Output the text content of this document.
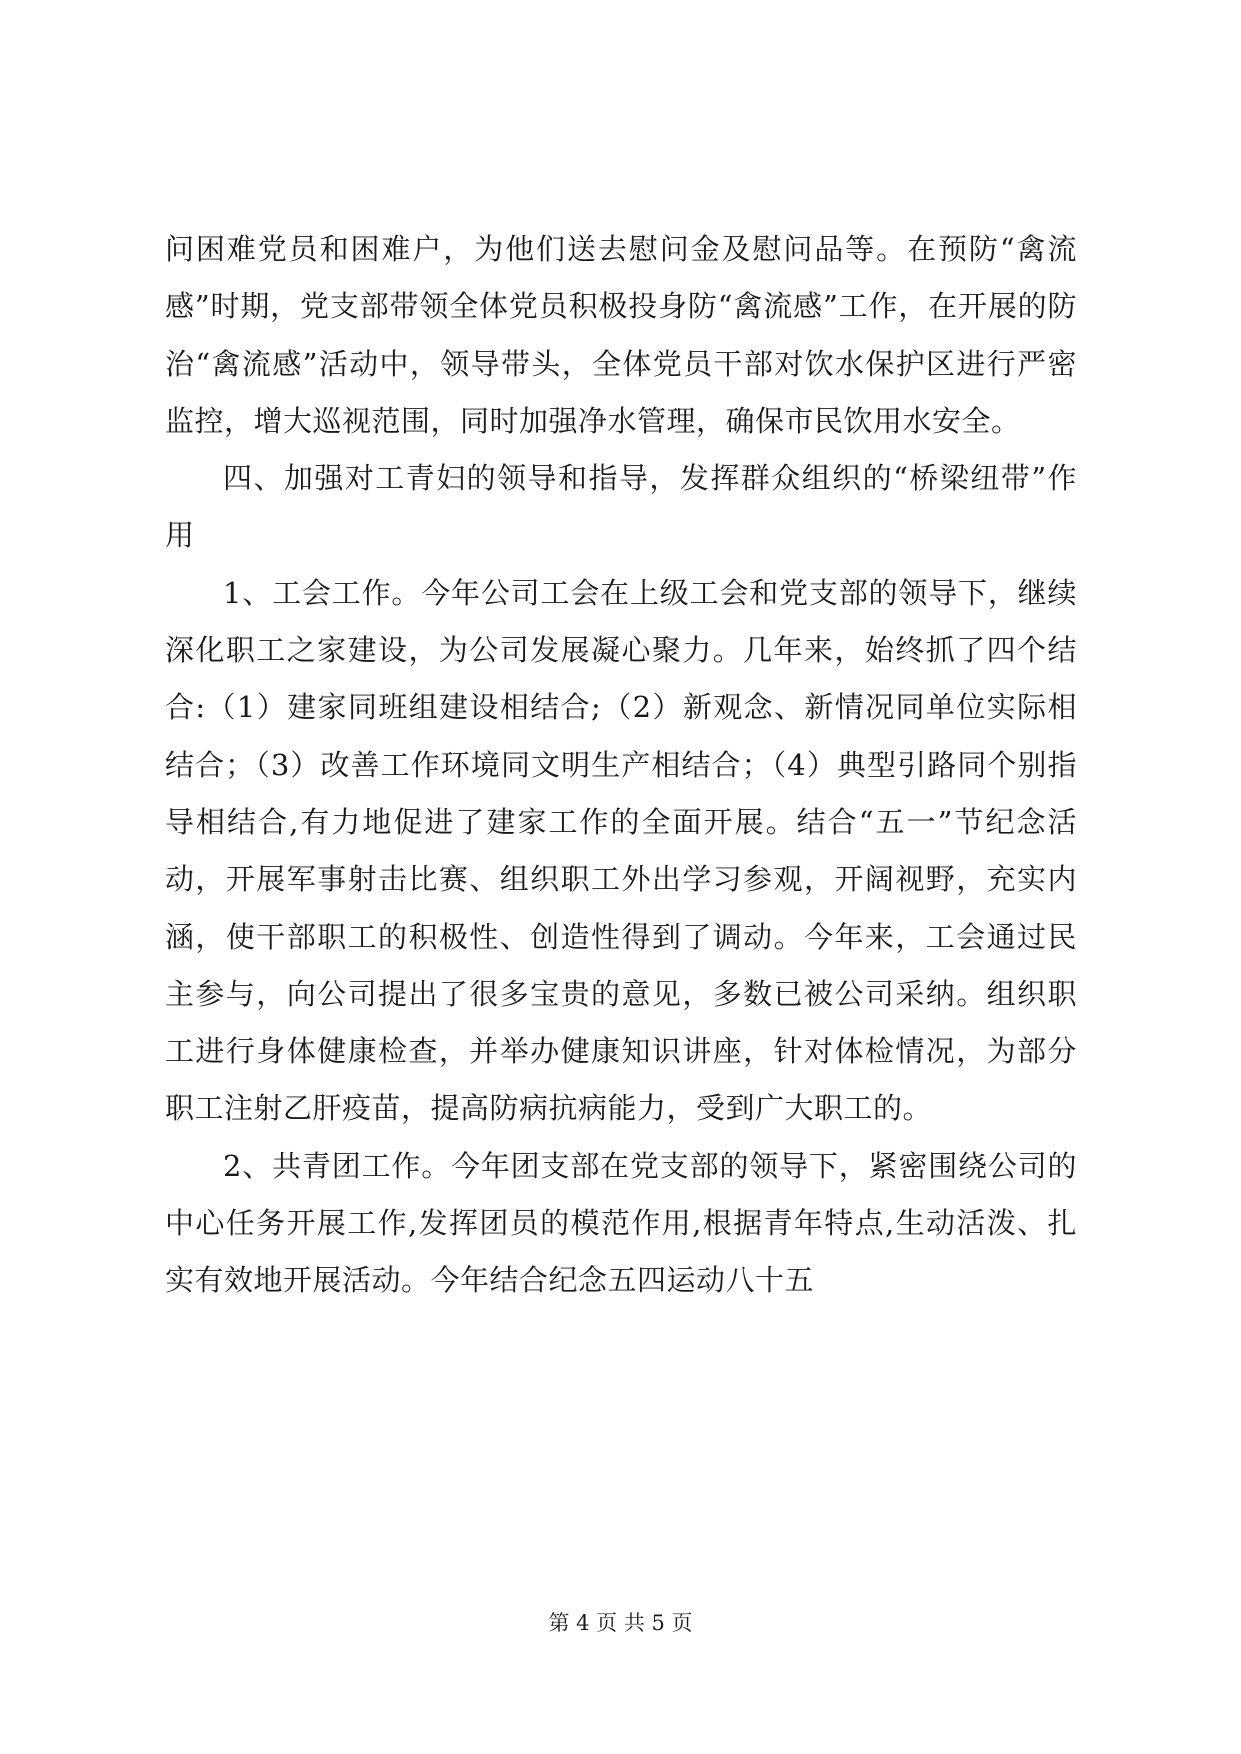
问困难党员和困难户，为他们送去慰问金及慰问品等。在预防“禽流感”时期，党支部带领全体党员积极投身防“禽流感”工作，在开展的防治“禽流感”活动中，领导带头，全体党员干部对饮水保护区进行严密监控，增大巡视范围，同时加强净水管理，确保市民饮用水安全。

四、加强对工青妇的领导和指导，发挥群众组织的“桥梁纽带”作用

1、工会工作。今年公司工会在上级工会和党支部的领导下，继续深化职工之家建设，为公司发展凝心聚力。几年来，始终抓了四个结合:（1）建家同班组建设相结合;（2）新观念、新情况同单位实际相结合；（3）改善工作环境同文明生产相结合；（4）典型引路同个别指导相结合,有力地促进了建家工作的全面开展。结合“五一”节纪念活动，开展军事射击比赛、组织职工外出学习参观，开阔视野，充实内涵，使干部职工的积极性、创造性得到了调动。今年来，工会通过民主参与，向公司提出了很多宝贵的意见，多数已被公司采纳。组织职工进行身体健康检查，并举办健康知识讲座，针对体检情况，为部分职工注射乙肝疫苗，提高防病抗病能力，受到广大职工的。

2、共青团工作。今年团支部在党支部的领导下，紧密围绕公司的中心任务开展工作,发挥团员的模范作用,根据青年特点,生动活泼、扎实有效地开展活动。今年结合纪念五四运动八十五

第 4 页 共 5 页
